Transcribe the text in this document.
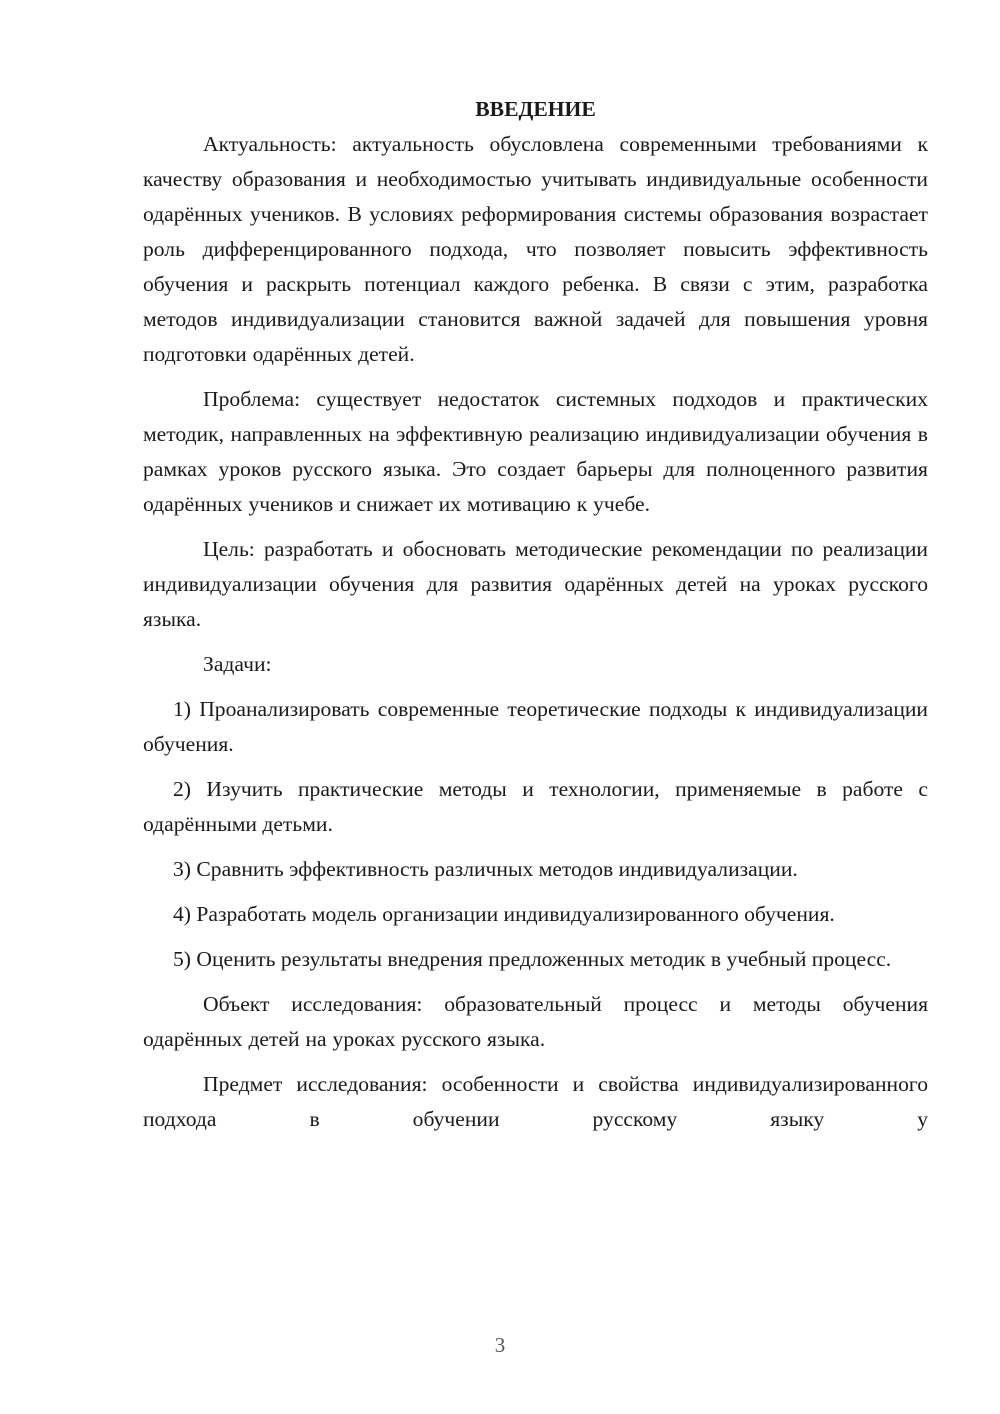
ВВЕДЕНИЕ

Актуальность: актуальность обусловлена современными требованиями к качеству образования и необходимостью учитывать индивидуальные особенности одарённых учеников. В условиях реформирования системы образования возрастает роль дифференцированного подхода, что позволяет повысить эффективность обучения и раскрыть потенциал каждого ребенка. В связи с этим, разработка методов индивидуализации становится важной задачей для повышения уровня подготовки одарённых детей.

Проблема: существует недостаток системных подходов и практических методик, направленных на эффективную реализацию индивидуализации обучения в рамках уроков русского языка. Это создает барьеры для полноценного развития одарённых учеников и снижает их мотивацию к учебе.

Цель: разработать и обосновать методические рекомендации по реализации индивидуализации обучения для развития одарённых детей на уроках русского языка.

Задачи:

1) Проанализировать современные теоретические подходы к индивидуализации обучения.

2) Изучить практические методы и технологии, применяемые в работе с одарёнными детьми.

3) Сравнить эффективность различных методов индивидуализации.

4) Разработать модель организации индивидуализированного обучения.

5) Оценить результаты внедрения предложенных методик в учебный процесс.

Объект исследования: образовательный процесс и методы обучения одарённых детей на уроках русского языка.

Предмет исследования: особенности и свойства индивидуализированного подхода в обучении русскому языку у

3
